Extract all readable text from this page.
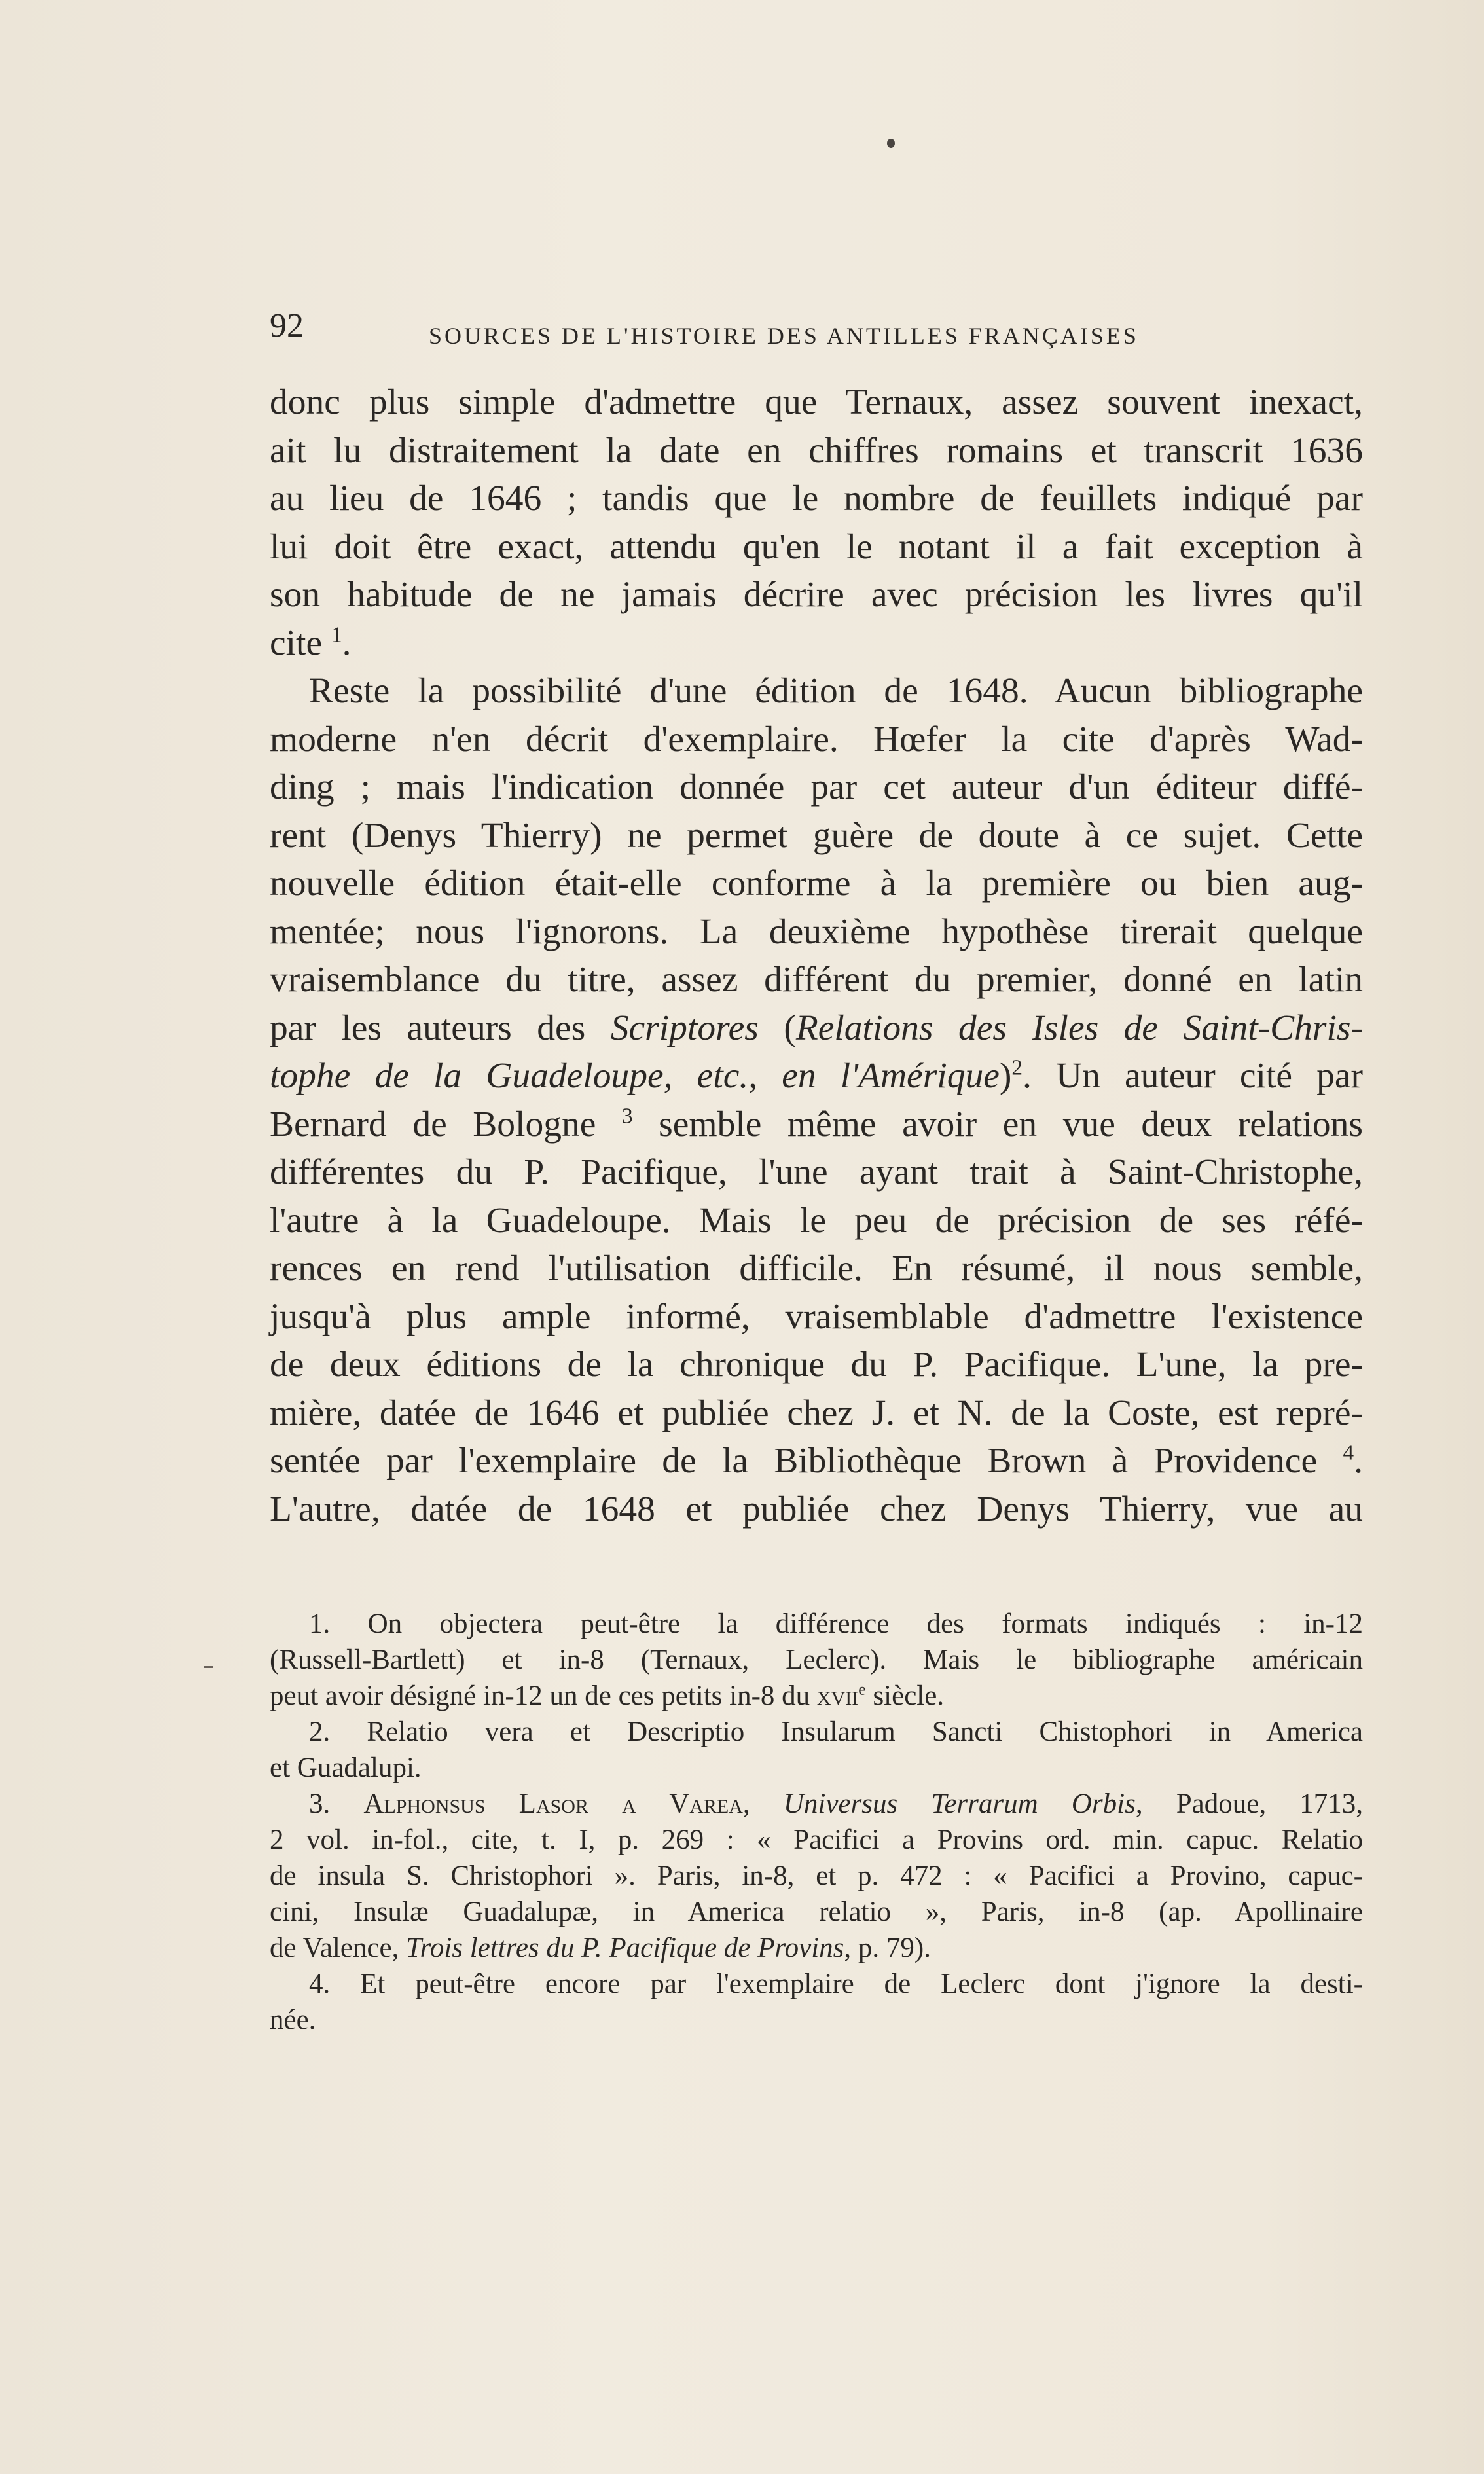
92	SOURCES DE L'HISTOIRE DES ANTILLES FRANÇAISES
donc plus simple d'admettre que Ternaux, assez souvent inexact,
ait lu distraitement la date en chiffres romains et transcrit 1636
au lieu de 1646 ; tandis que le nombre de feuillets indiqué par
lui doit être exact, attendu qu'en le notant il a fait exception à
son habitude de ne jamais décrire avec précision les livres qu'il
cite $^1$.
Reste la possibilité d'une édition de 1648. Aucun bibliographe
moderne n'en décrit d'exemplaire. Hœfer la cite d'après Wad-
ding ; mais l'indication donnée par cet auteur d'un éditeur diffé-
rent (Denys Thierry) ne permet guère de doute à ce sujet. Cette
nouvelle édition était-elle conforme à la première ou bien aug-
mentée; nous l'ignorons. La deuxième hypothèse tirerait quelque
vraisemblance du titre, assez différent du premier, donné en latin
par les auteurs des Scriptores (Relations des Isles de Saint-Chris-
tophe de la Guadeloupe, etc., en l'Amérique)$^2$. Un auteur cité par
Bernard de Bologne $^3$ semble même avoir en vue deux relations
différentes du P. Pacifique, l'une ayant trait à Saint-Christophe,
l'autre à la Guadeloupe. Mais le peu de précision de ses réfé-
rences en rend l'utilisation difficile. En résumé, il nous semble,
jusqu'à plus ample informé, vraisemblable d'admettre l'existence
de deux éditions de la chronique du P. Pacifique. L'une, la pre-
mière, datée de 1646 et publiée chez J. et N. de la Coste, est repré-
sentée par l'exemplaire de la Bibliothèque Brown à Providence $^4$.
L'autre, datée de 1648 et publiée chez Denys Thierry, vue au
1. On objectera peut-être la différence des formats indiqués : in-12
(Russell-Bartlett) et in-8 (Ternaux, Leclerc). Mais le bibliographe américain
peut avoir désigné in-12 un de ces petits in-8 du xvii$^e$ siècle.
2. Relatio vera et Descriptio Insularum Sancti Chistophori in America
et Guadalupi.
3. Alphonsus Lasor a Varea, Universus Terrarum Orbis, Padoue, 1713,
2 vol. in-fol., cite, t. I, p. 269 : « Pacifici a Provins ord. min. capuc. Relatio
de insula S. Christophori ». Paris, in-8, et p. 472 : « Pacifici a Provino, capuc-
cini, Insulæ Guadalupæ, in America relatio », Paris, in-8 (ap. Apollinaire
de Valence, Trois lettres du P. Pacifique de Provins, p. 79).
4. Et peut-être encore par l'exemplaire de Leclerc dont j'ignore la desti-
née.
